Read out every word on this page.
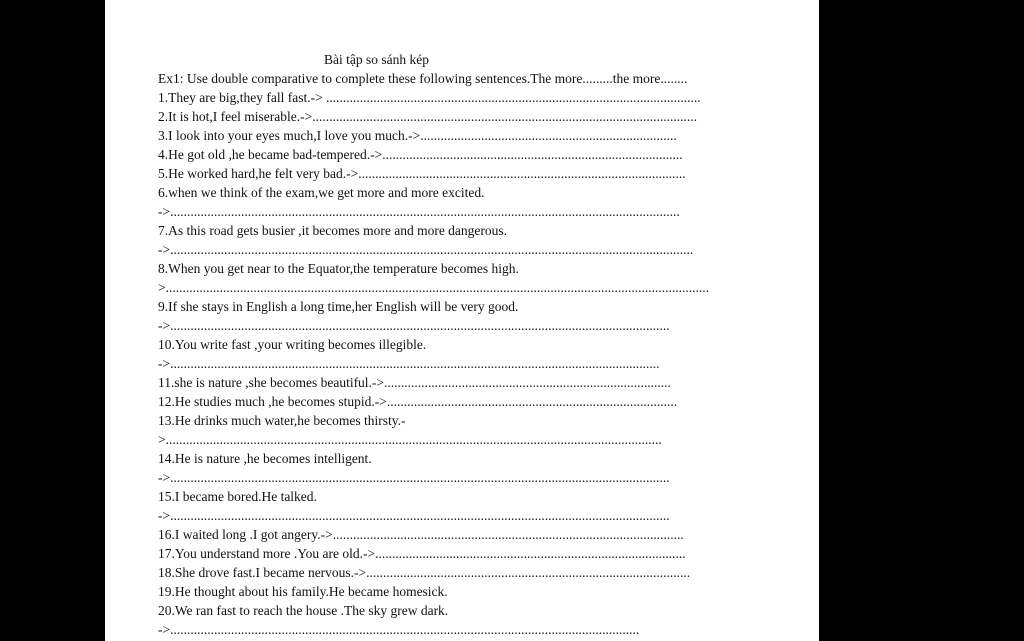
Bài tập so sánh kép
Ex1: Use double comparative to complete these following sentences.The more.........the more........
1.They are big,they fall fast.-> ...............................................................................................................
2.It is hot,I feel miserable.->..................................................................................................................
3.I look into your eyes much,I love you much.->............................................................................
4.He got old ,he became bad-tempered.->.........................................................................................
5.He worked hard,he felt very bad.->.................................................................................................
6.when we think of the exam,we get more and more excited.
->.......................................................................................................................................................
7.As this road gets busier ,it becomes more and more dangerous.
->...........................................................................................................................................................
8.When you get near to the Equator,the temperature becomes high.
>.................................................................................................................................................................
9.If she stays in English a long time,her English will be very good.
->....................................................................................................................................................
10.You write fast ,your writing becomes illegible.
->.................................................................................................................................................
11.she is nature ,she becomes beautiful.->.....................................................................................
12.He studies much ,he becomes stupid.->......................................................................................
13.He drinks much water,he becomes thirsty.-
>...................................................................................................................................................
14.He is nature ,he becomes intelligent.
->....................................................................................................................................................
15.I became bored.He talked.
->....................................................................................................................................................
16.I waited long .I got angery.->........................................................................................................
17.You understand more .You are old.->............................................................................................
18.She drove fast.I became nervous.->................................................................................................
19.He thought about his family.He became homesick.
20.We ran fast to reach the house .The sky grew dark.
->...........................................................................................................................................
